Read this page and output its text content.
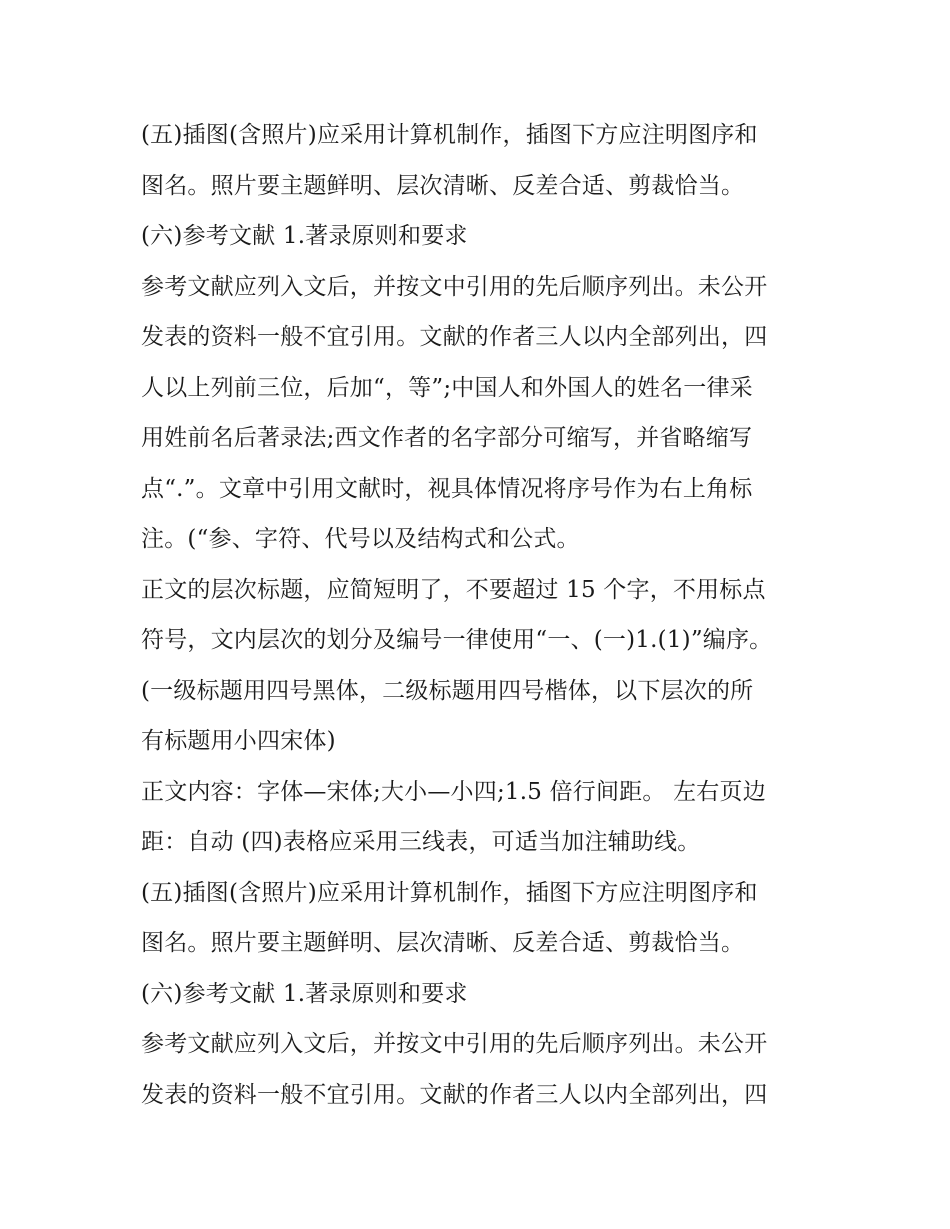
(五)插图(含照片)应采用计算机制作，插图下方应注明图序和
图名。照片要主题鲜明、层次清晰、反差合适、剪裁恰当。
(六)参考文献 1.著录原则和要求
参考文献应列入文后，并按文中引用的先后顺序列出。未公开
发表的资料一般不宜引用。文献的作者三人以内全部列出，四
人以上列前三位，后加“，等”;中国人和外国人的姓名一律采
用姓前名后著录法;西文作者的名字部分可缩写，并省略缩写
点“.”。文章中引用文献时，视具体情况将序号作为右上角标
注。(“参、字符、代号以及结构式和公式。
正文的层次标题，应简短明了，不要超过 15 个字，不用标点
符号，文内层次的划分及编号一律使用“一、(一)1.(1)”编序。
(一级标题用四号黑体，二级标题用四号楷体，以下层次的所
有标题用小四宋体)
正文内容：字体—宋体;大小—小四;1.5 倍行间距。 左右页边
距：自动 (四)表格应采用三线表，可适当加注辅助线。
(五)插图(含照片)应采用计算机制作，插图下方应注明图序和
图名。照片要主题鲜明、层次清晰、反差合适、剪裁恰当。
(六)参考文献 1.著录原则和要求
参考文献应列入文后，并按文中引用的先后顺序列出。未公开
发表的资料一般不宜引用。文献的作者三人以内全部列出，四
